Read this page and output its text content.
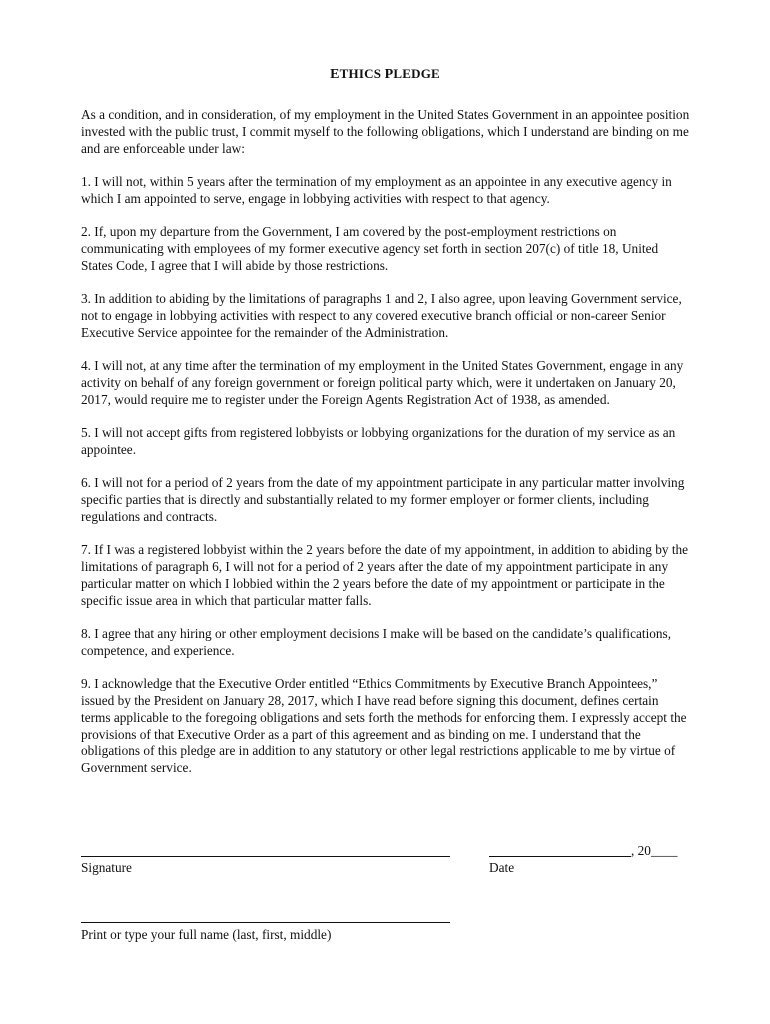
ETHICS PLEDGE

As a condition, and in consideration, of my employment in the United States Government in an appointee position invested with the public trust, I commit myself to the following obligations, which I understand are binding on me and are enforceable under law:

1. I will not, within 5 years after the termination of my employment as an appointee in any executive agency in which I am appointed to serve, engage in lobbying activities with respect to that agency.

2. If, upon my departure from the Government, I am covered by the post-employment restrictions on communicating with employees of my former executive agency set forth in section 207(c) of title 18, United States Code, I agree that I will abide by those restrictions.

3. In addition to abiding by the limitations of paragraphs 1 and 2, I also agree, upon leaving Government service, not to engage in lobbying activities with respect to any covered executive branch official or non-career Senior Executive Service appointee for the remainder of the Administration.

4. I will not, at any time after the termination of my employment in the United States Government, engage in any activity on behalf of any foreign government or foreign political party which, were it undertaken on January 20, 2017, would require me to register under the Foreign Agents Registration Act of 1938, as amended.

5. I will not accept gifts from registered lobbyists or lobbying organizations for the duration of my service as an appointee.

6. I will not for a period of 2 years from the date of my appointment participate in any particular matter involving specific parties that is directly and substantially related to my former employer or former clients, including regulations and contracts.

7. If I was a registered lobbyist within the 2 years before the date of my appointment, in addition to abiding by the limitations of paragraph 6, I will not for a period of 2 years after the date of my appointment participate in any particular matter on which I lobbied within the 2 years before the date of my appointment or participate in the specific issue area in which that particular matter falls.

8. I agree that any hiring or other employment decisions I make will be based on the candidate’s qualifications, competence, and experience.

9. I acknowledge that the Executive Order entitled “Ethics Commitments by Executive Branch Appointees,” issued by the President on January 28, 2017, which I have read before signing this document, defines certain terms applicable to the foregoing obligations and sets forth the methods for enforcing them. I expressly accept the provisions of that Executive Order as a part of this agreement and as binding on me. I understand that the obligations of this pledge are in addition to any statutory or other legal restrictions applicable to me by virtue of Government service.

Signature
, 20____
Date
Print or type your full name (last, first, middle)
